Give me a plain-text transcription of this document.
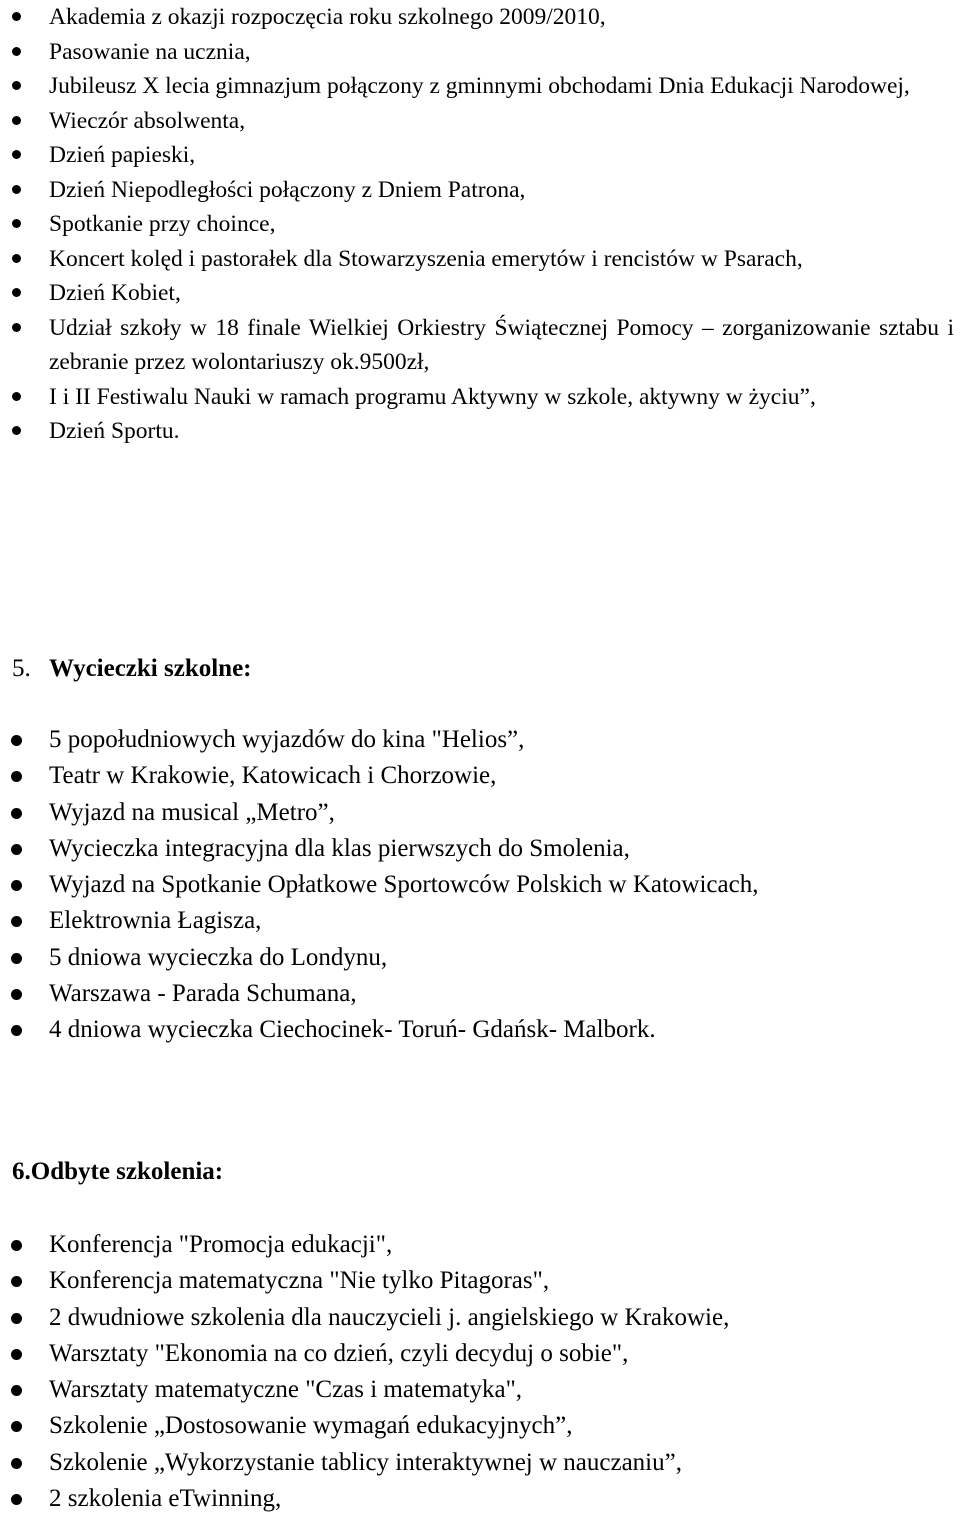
Akademia z okazji rozpoczęcia roku szkolnego 2009/2010,
Pasowanie na ucznia,
Jubileusz X lecia gimnazjum połączony z gminnymi obchodami Dnia Edukacji Narodowej,
Wieczór absolwenta,
Dzień papieski,
Dzień Niepodległości połączony z Dniem Patrona,
Spotkanie przy choince,
Koncert kolęd i pastorałek dla Stowarzyszenia emerytów i rencistów w Psarach,
Dzień Kobiet,
Udział szkoły w 18 finale Wielkiej Orkiestry Świątecznej Pomocy – zorganizowanie sztabu i zebranie przez wolontariuszy ok.9500zł,
I i II Festiwalu Nauki w ramach programu Aktywny w szkole, aktywny w życiu”,
Dzień Sportu.
5. Wycieczki szkolne:
5 popołudniowych wyjazdów do kina "Helios”,
Teatr w Krakowie, Katowicach i Chorzowie,
Wyjazd na musical „Metro”,
Wycieczka integracyjna dla klas pierwszych do Smolenia,
Wyjazd na Spotkanie Opłatkowe Sportowców Polskich w Katowicach,
Elektrownia Łagisza,
5 dniowa wycieczka do Londynu,
Warszawa - Parada Schumana,
4 dniowa wycieczka Ciechocinek- Toruń- Gdańsk- Malbork.
6.Odbyte szkolenia:
Konferencja "Promocja edukacji",
Konferencja matematyczna "Nie tylko Pitagoras",
2 dwudniowe szkolenia dla nauczycieli j. angielskiego w Krakowie,
Warsztaty "Ekonomia na co dzień, czyli decyduj o sobie",
Warsztaty matematyczne "Czas i matematyka",
Szkolenie „Dostosowanie wymagań edukacyjnych”,
Szkolenie „Wykorzystanie tablicy interaktywnej w nauczaniu”,
2 szkolenia eTwinning,
